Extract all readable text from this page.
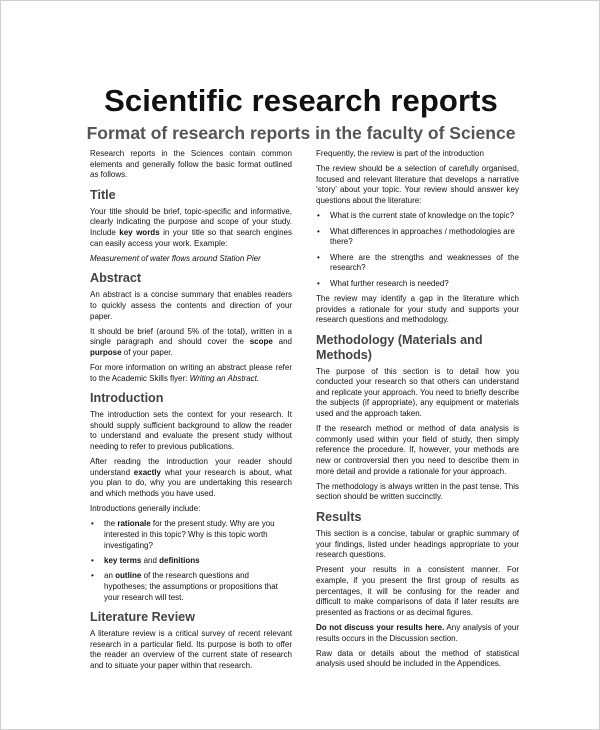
Scientific research reports
Format of research reports in the faculty of Science

Research reports in the Sciences contain common elements and generally follow the basic format outlined as follows.

Title

Your title should be brief, topic-specific and informative, clearly indicating the purpose and scope of your study. Include key words in your title so that search engines can easily access your work. Example:

Measurement of water flows around Station Pier

Abstract

An abstract is a concise summary that enables readers to quickly assess the contents and direction of your paper.

It should be brief (around 5% of the total), written in a single paragraph and should cover the scope and purpose of your paper.

For more information on writing an abstract please refer to the Academic Skills flyer: Writing an Abstract.

Introduction

The introduction sets the context for your research. It should supply sufficient background to allow the reader to understand and evaluate the present study without needing to refer to previous publications.

After reading the introduction your reader should understand exactly what your research is about, what you plan to do, why you are undertaking this research and which methods you have used.

Introductions generally include:

• the rationale for the present study. Why are you interested in this topic? Why is this topic worth investigating?
• key terms and definitions
• an outline of the research questions and hypotheses; the assumptions or propositions that your research will test.
Literature Review

A literature review is a critical survey of recent relevant research in a particular field. Its purpose is both to offer the reader an overview of the current state of research and to situate your paper within that research.

Frequently, the review is part of the introduction

The review should be a selection of carefully organised, focused and relevant literature that develops a narrative ‘story’ about your topic. Your review should answer key questions about the literature:

• What is the current state of knowledge on the topic?
• What differences in approaches / methodologies are there?
• Where are the strengths and weaknesses of the research?
• What further research is needed?

The review may identify a gap in the literature which provides a rationale for your study and supports your research questions and methodology.

Methodology (Materials and Methods)

The purpose of this section is to detail how you conducted your research so that others can understand and replicate your approach. You need to briefly describe the subjects (if appropriate), any equipment or materials used and the approach taken.

If the research method or method of data analysis is commonly used within your field of study, then simply reference the procedure. If, however, your methods are new or controversial then you need to describe them in more detail and provide a rationale for your approach.

The methodology is always written in the past tense. This section should be written succinctly.

Results

This section is a concise, tabular or graphic summary of your findings, listed under headings appropriate to your research questions.

Present your results in a consistent manner. For example, if you present the first group of results as percentages, it will be confusing for the reader and difficult to make comparisons of data if later results are presented as fractions or as decimal figures.

Do not discuss your results here. Any analysis of your results occurs in the Discussion section.

Raw data or details about the method of statistical analysis used should be included in the Appendices.
